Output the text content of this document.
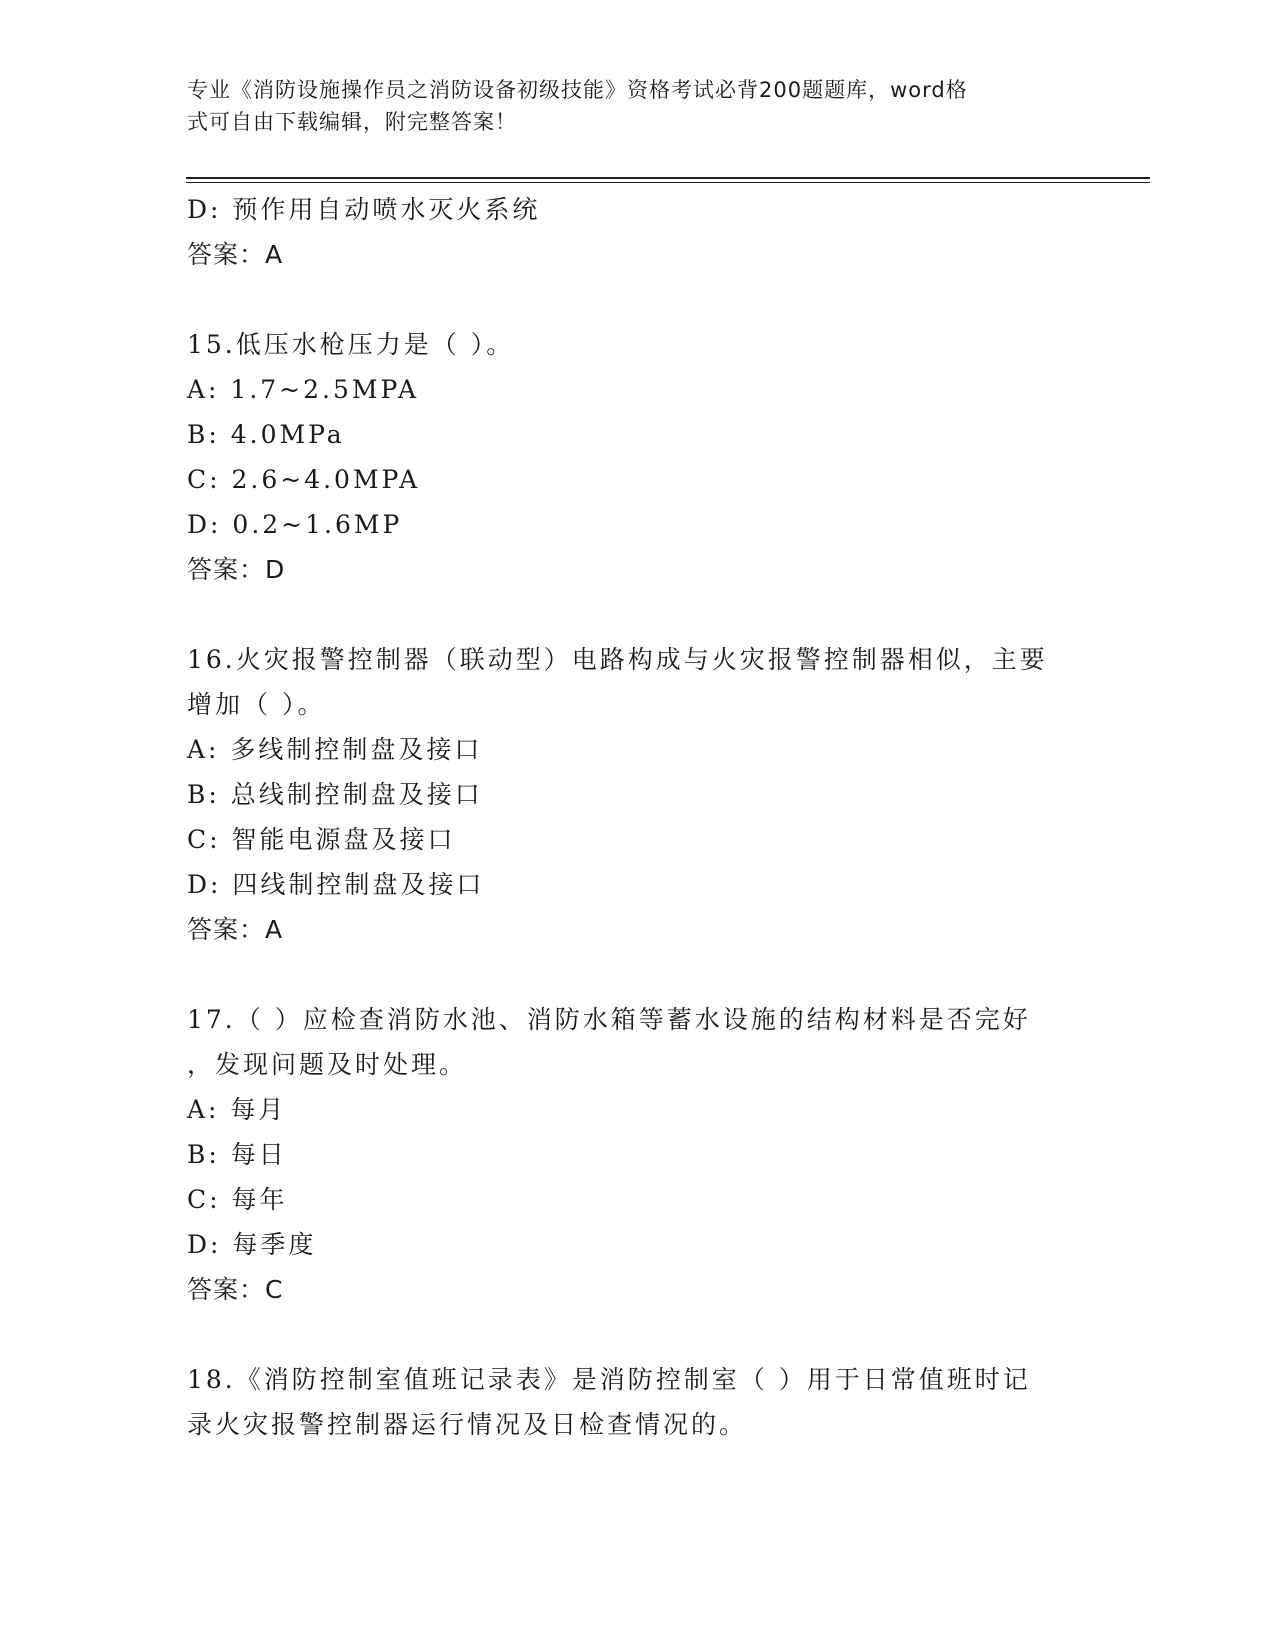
专业《消防设施操作员之消防设备初级技能》资格考试必背200题题库，word格
式可自由下载编辑，附完整答案！
D: 预作用自动喷水灭火系统
答案：A
15.低压水枪压力是（ ）。
A: 1.7~2.5MPA
B: 4.0MPa
C: 2.6~4.0MPA
D: 0.2~1.6MP
答案：D
16.火灾报警控制器（联动型）电路构成与火灾报警控制器相似，主要
增加（ ）。
A: 多线制控制盘及接口
B: 总线制控制盘及接口
C: 智能电源盘及接口
D: 四线制控制盘及接口
答案：A
17.（ ）应检查消防水池、消防水箱等蓄水设施的结构材料是否完好
，发现问题及时处理。
A: 每月
B: 每日
C: 每年
D: 每季度
答案：C
18.《消防控制室值班记录表》是消防控制室（ ）用于日常值班时记
录火灾报警控制器运行情况及日检查情况的。
